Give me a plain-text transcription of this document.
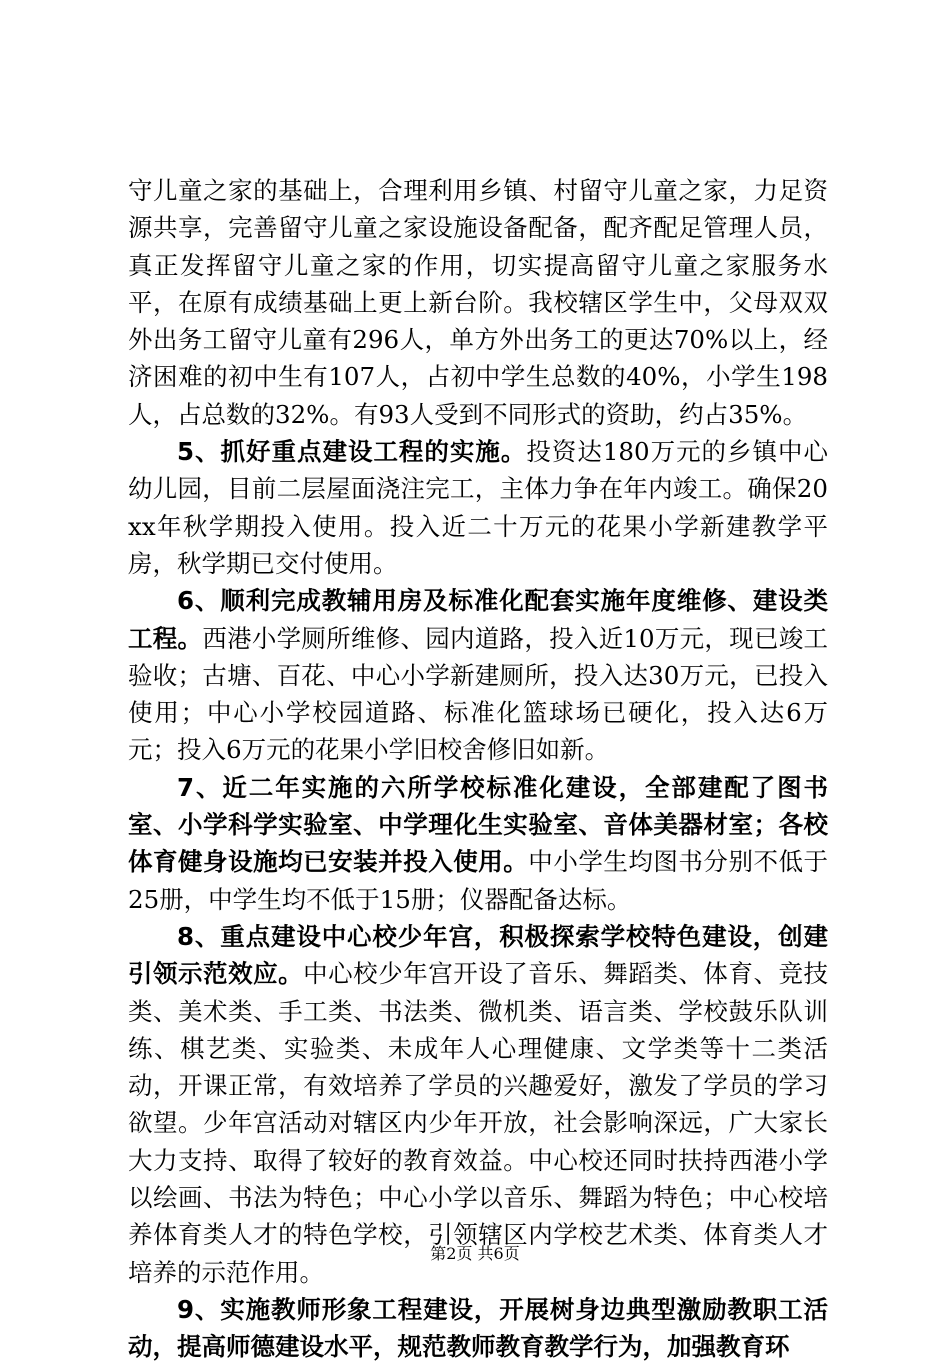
守儿童之家的基础上，合理利用乡镇、村留守儿童之家，力足资源共享，完善留守儿童之家设施设备配备，配齐配足管理人员，真正发挥留守儿童之家的作用，切实提高留守儿童之家服务水平，在原有成绩基础上更上新台阶。我校辖区学生中，父母双双外出务工留守儿童有296人，单方外出务工的更达70%以上，经济困难的初中生有107人，占初中学生总数的40%，小学生198人，占总数的32%。有93人受到不同形式的资助，约占35%。

5、抓好重点建设工程的实施。投资达180万元的乡镇中心幼儿园，目前二层屋面浇注完工，主体力争在年内竣工。确保20xx年秋学期投入使用。投入近二十万元的花果小学新建教学平房，秋学期已交付使用。

6、顺利完成教辅用房及标准化配套实施年度维修、建设类工程。西港小学厕所维修、园内道路，投入近10万元，现已竣工验收；古塘、百花、中心小学新建厕所，投入达30万元，已投入使用；中心小学校园道路、标准化篮球场已硬化，投入达6万元；投入6万元的花果小学旧校舍修旧如新。

7、近二年实施的六所学校标准化建设，全部建配了图书室、小学科学实验室、中学理化生实验室、音体美器材室；各校体育健身设施均已安装并投入使用。中小学生均图书分别不低于25册，中学生均不低于15册；仪器配备达标。

8、重点建设中心校少年宫，积极探索学校特色建设，创建引领示范效应。中心校少年宫开设了音乐、舞蹈类、体育、竞技类、美术类、手工类、书法类、微机类、语言类、学校鼓乐队训练、棋艺类、实验类、未成年人心理健康、文学类等十二类活动，开课正常，有效培养了学员的兴趣爱好，激发了学员的学习欲望。少年宫活动对辖区内少年开放，社会影响深远，广大家长大力支持、取得了较好的教育效益。中心校还同时扶持西港小学以绘画、书法为特色；中心小学以音乐、舞蹈为特色；中心校培养体育类人才的特色学校，引领辖区内学校艺术类、体育类人才培养的示范作用。

9、实施教师形象工程建设，开展树身边典型激励教职工活动，提高师德建设水平，规范教师教育教学行为，加强教育环

第2页 共6页
